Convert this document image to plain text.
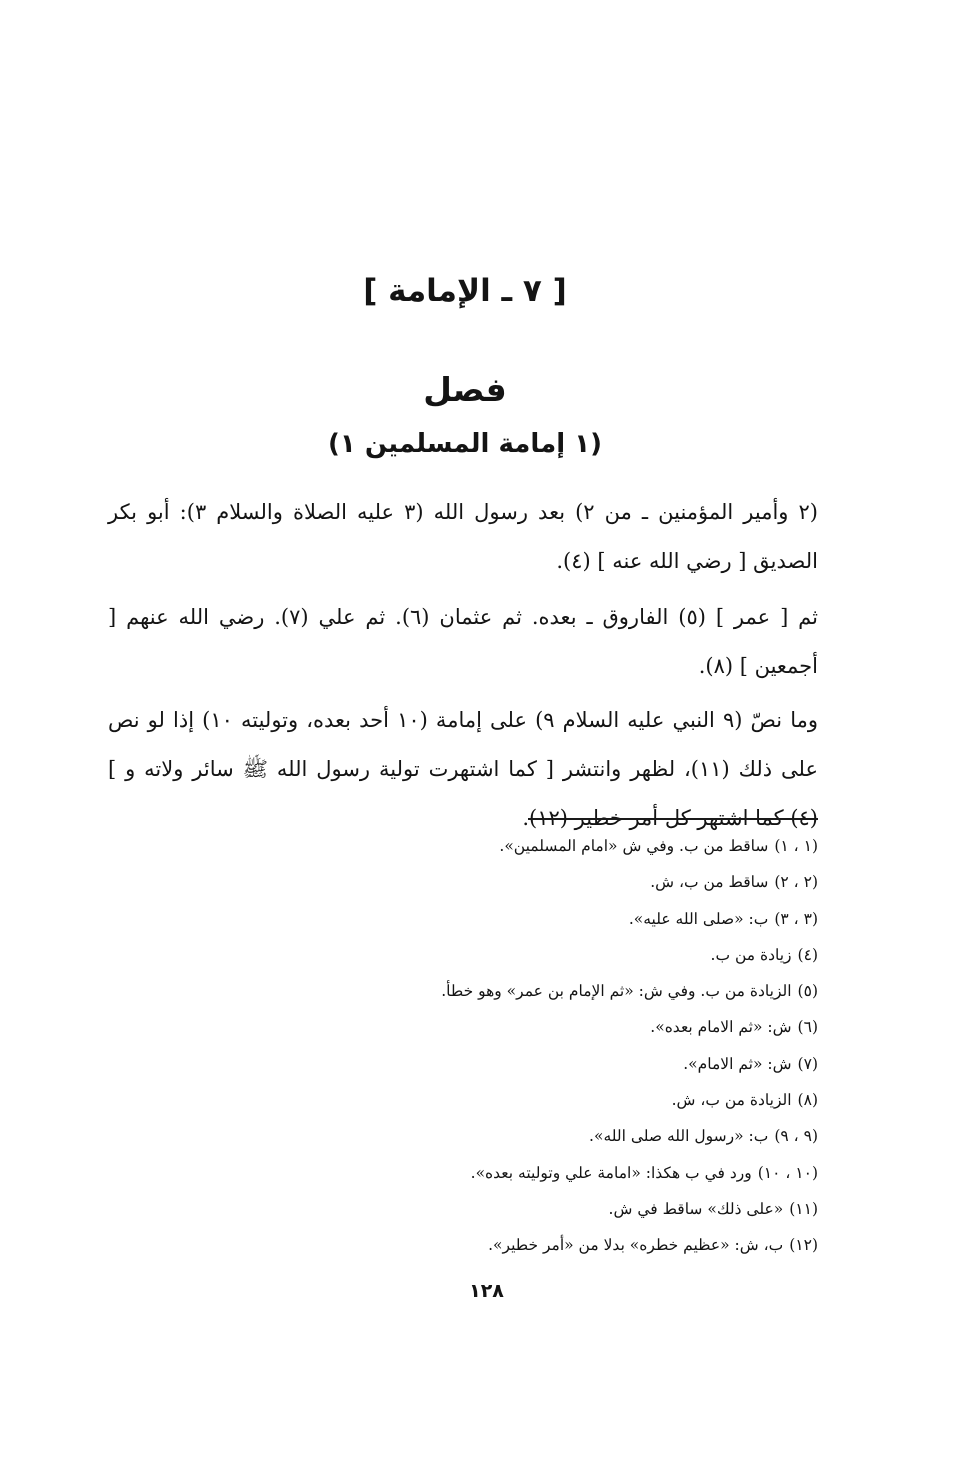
[ ٧ ـ الإمامة ]
فصل
(١ إمامة المسلمين ١)

(٢ وأمير المؤمنين ـ من ٢) بعد رسول الله (٣ عليه الصلاة والسلام ٣): أبو بكر الصديق [ رضي الله عنه ] (٤).

ثم [ عمر ] (٥) الفاروق ـ بعده. ثم عثمان (٦). ثم علي (٧). رضي الله عنهم [ أجمعين ] (٨).

وما نصّ (٩ النبي عليه السلام ٩) على إمامة (١٠ أحد بعده، وتوليته ١٠) إذا لو نص على ذلك (١١)، لظهر وانتشر [ كما اشتهرت تولية رسول الله ﷺ سائر ولاته و ] (٤) كما اشتهر كل أمر خطير (١٢).

(١ ، ١)ساقط من ب. وفي ش «امام المسلمين».
(٢ ، ٢)ساقط من ب، ش.
(٣ ، ٣)ب: «صلى الله عليه».
(٤)زيادة من ب.
(٥)الزيادة من ب. وفي ش: «ثم الإمام بن عمر» وهو خطأ.
(٦)ش: «ثم الامام بعده».
(٧)ش: «ثم الامام».
(٨)الزيادة من ب، ش.
(٩ ، ٩)ب: «رسول الله صلى الله».
(١٠ ، ١٠)ورد في ب هكذا: «امامة علي وتوليته بعده».
(١١)«على ذلك» ساقط في ش.
(١٢)ب، ش: «عظيم خطره» بدلا من «أمر خطير».
١٢٨
